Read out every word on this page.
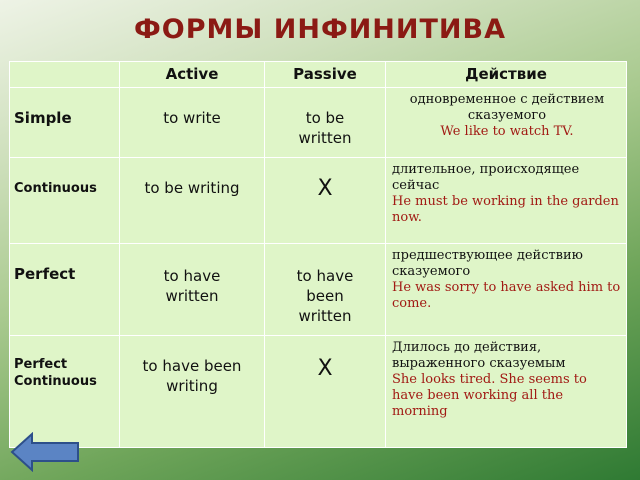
ФОРМЫ ИНФИНИТИВА
	Active	Passive	Действие
Simple	to write	to be written	одновременное с действием сказуемого
We like to watch TV.

Continuous	to be writing	X	длительное, происходящее сейчас
He must be working in the garden now.

Perfect	to have written	to have been written	предшествующее действию сказуемого
He was sorry to have asked him to come.

Perfect Continuous	to have been writing	X	Длилось до действия, выраженного сказуемым
She looks tired. She seems to have been working all the morning
